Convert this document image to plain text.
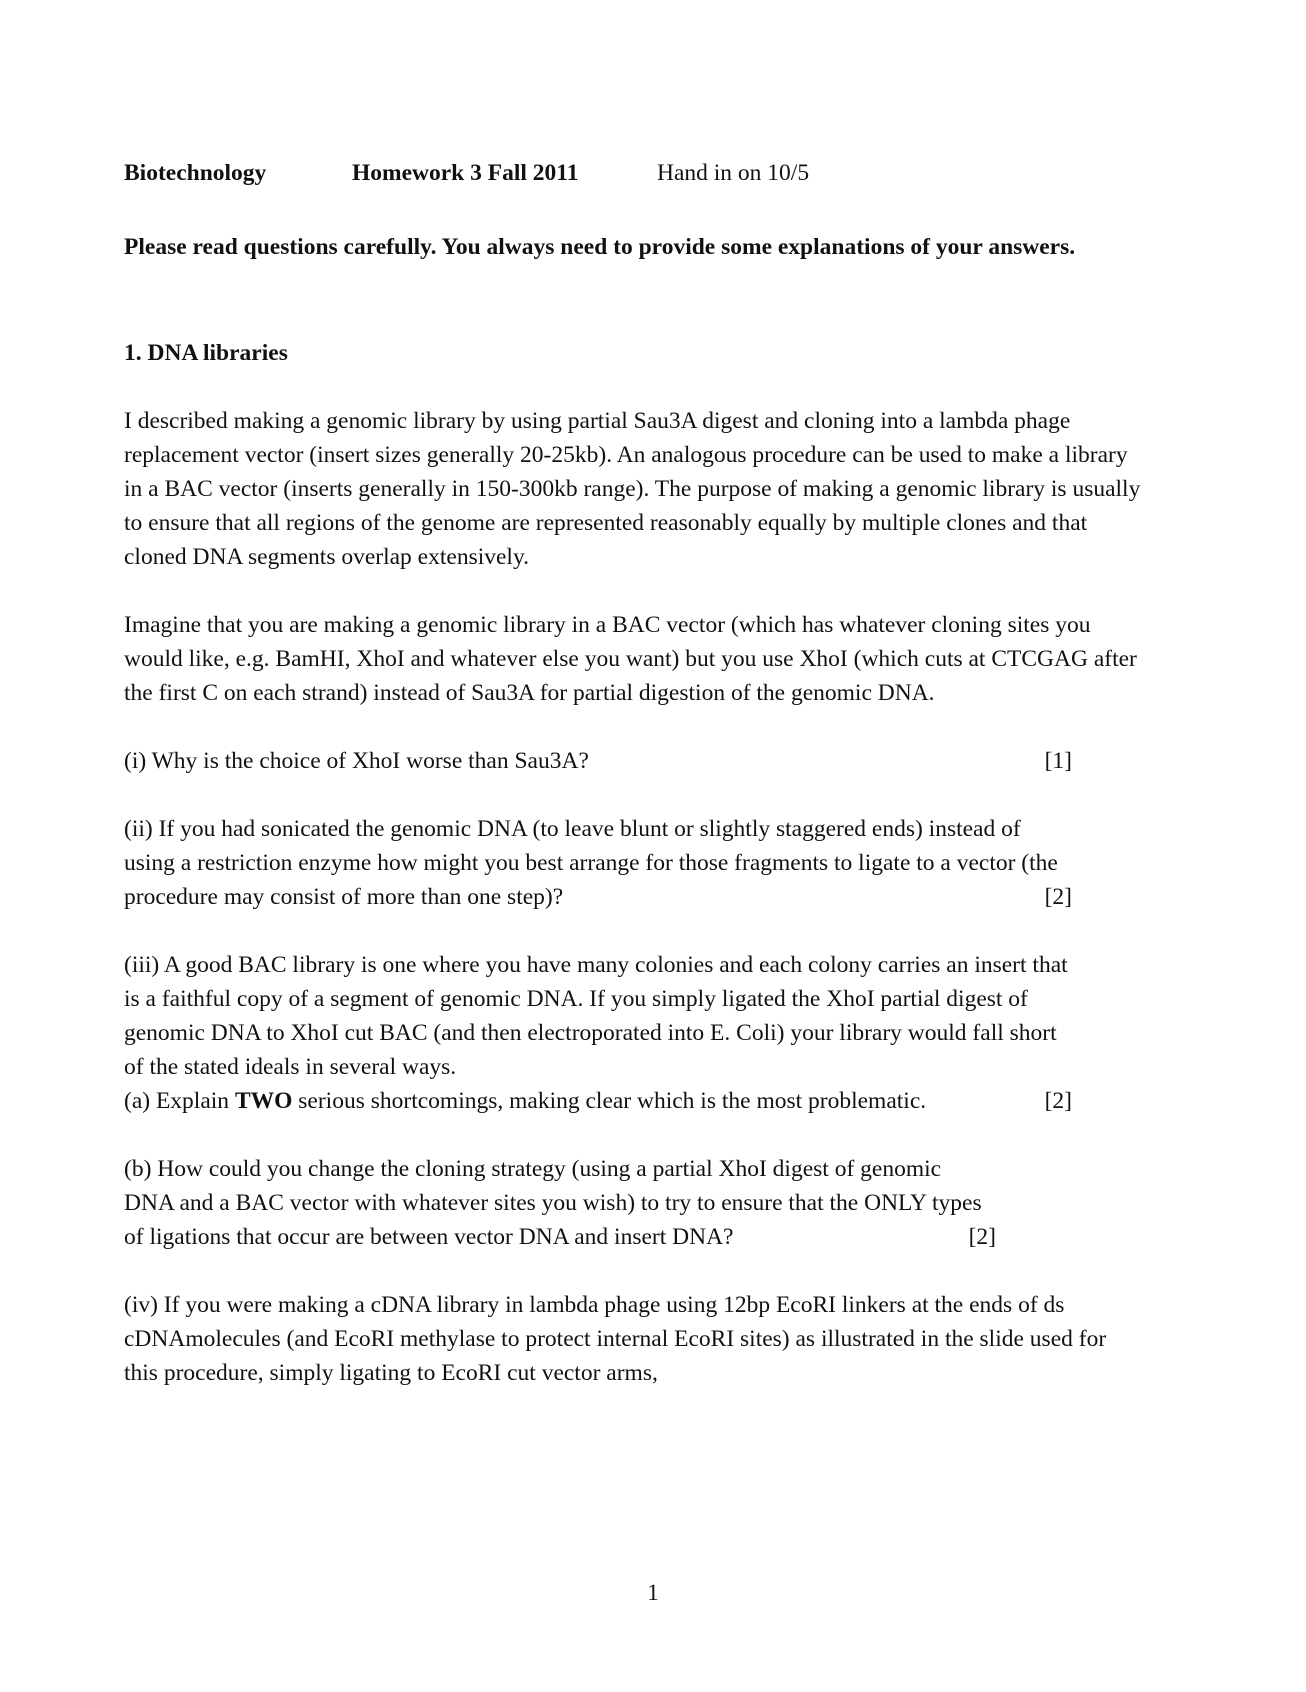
Biotechnology	Homework 3 Fall 2011	Hand in on 10/5

Please read questions carefully. You always need to provide some explanations of your answers.

1. DNA libraries

I described making a genomic library by using partial Sau3A digest and cloning into a lambda phage replacement vector (insert sizes generally 20-25kb). An analogous procedure can be used to make a library in a BAC vector (inserts generally in 150-300kb range). The purpose of making a genomic library is usually to ensure that all regions of the genome are represented reasonably equally by multiple clones and that cloned DNA segments overlap extensively.

Imagine that you are making a genomic library in a BAC vector (which has whatever cloning sites you would like, e.g. BamHI, XhoI and whatever else you want) but you use XhoI (which cuts at CTCGAG after the first C on each strand) instead of Sau3A for partial digestion of the genomic DNA.

(i) Why is the choice of XhoI worse than Sau3A?	[1]
(ii) If you had sonicated the genomic DNA (to leave blunt or slightly staggered ends) instead of using a restriction enzyme how might you best arrange for those fragments to ligate to a vector (the procedure may consist of more than one step)?	[2]

(iii) A good BAC library is one where you have many colonies and each colony carries an insert that is a faithful copy of a segment of genomic DNA. If you simply ligated the XhoI partial digest of genomic DNA to XhoI cut BAC (and then electroporated into E. Coli) your library would fall short of the stated ideals in several ways.

(a) Explain TWO serious shortcomings, making clear which is the most problematic.	[2]
(b) How could you change the cloning strategy (using a partial XhoI digest of genomic DNA and a BAC vector with whatever sites you wish) to try to ensure that the ONLY types of ligations that occur are between vector DNA and insert DNA?	[2]

(iv) If you were making a cDNA library in lambda phage using 12bp EcoRI linkers at the ends of ds cDNAmolecules (and EcoRI methylase to protect internal EcoRI sites) as illustrated in the slide used for this procedure, simply ligating to EcoRI cut vector arms,

1
